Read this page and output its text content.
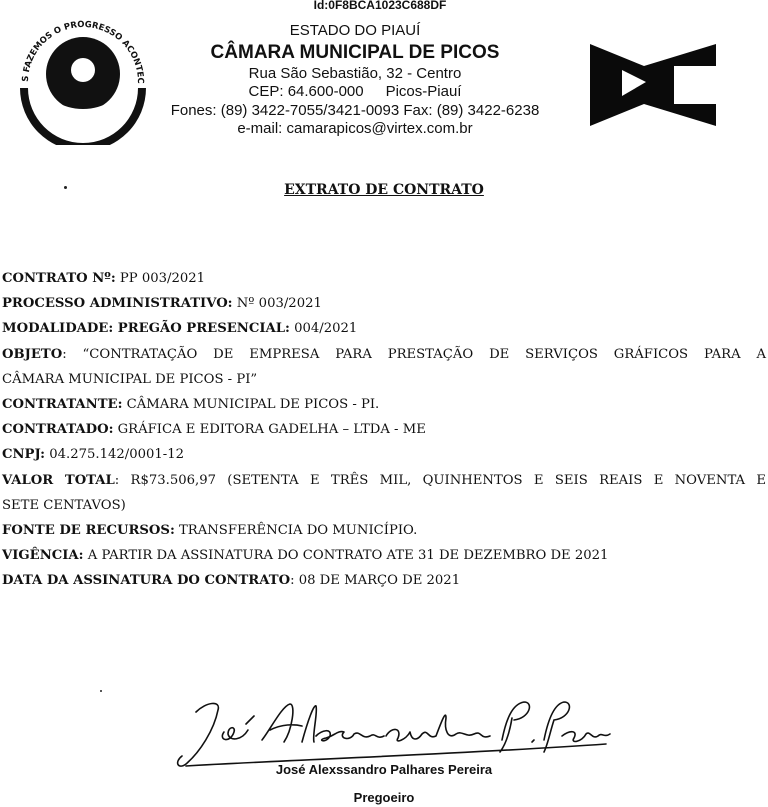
Id:0F8BCA1023C688DF
S FAZEMOS O PROGRESSO ACONTEC
MUNICIPAL
ESTADO DO PIAUÍ
CÂMARA MUNICIPAL DE PICOS
Rua São Sebastião, 32 - Centro
CEP: 64.600-000 Picos-Piauí
Fones: (89) 3422-7055/3421-0093 Fax: (89) 3422-6238
e-mail: camarapicos@virtex.com.br
EXTRATO DE CONTRATO

CONTRATO Nº: PP 003/2021

PROCESSO ADMINISTRATIVO: Nº 003/2021

MODALIDADE: PREGÃO PRESENCIAL: 004/2021

OBJETO: “CONTRATAÇÃO DE EMPRESA PARA PRESTAÇÃO DE SERVIÇOS GRÁFICOS PARA A

CÂMARA MUNICIPAL DE PICOS - PI”

CONTRATANTE: CÂMARA MUNICIPAL DE PICOS - PI.

CONTRATADO: GRÁFICA E EDITORA GADELHA – LTDA - ME

CNPJ: 04.275.142/0001-12

VALOR TOTAL: R$73.506,97 (SETENTA E TRÊS MIL, QUINHENTOS E SEIS REAIS E NOVENTA E

SETE CENTAVOS)

FONTE DE RECURSOS: TRANSFERÊNCIA DO MUNICÍPIO.

VIGÊNCIA: A PARTIR DA ASSINATURA DO CONTRATO ATE 31 DE DEZEMBRO DE 2021

DATA DA ASSINATURA DO CONTRATO: 08 DE MARÇO DE 2021

José Alexssandro Palhares Pereira
Pregoeiro
